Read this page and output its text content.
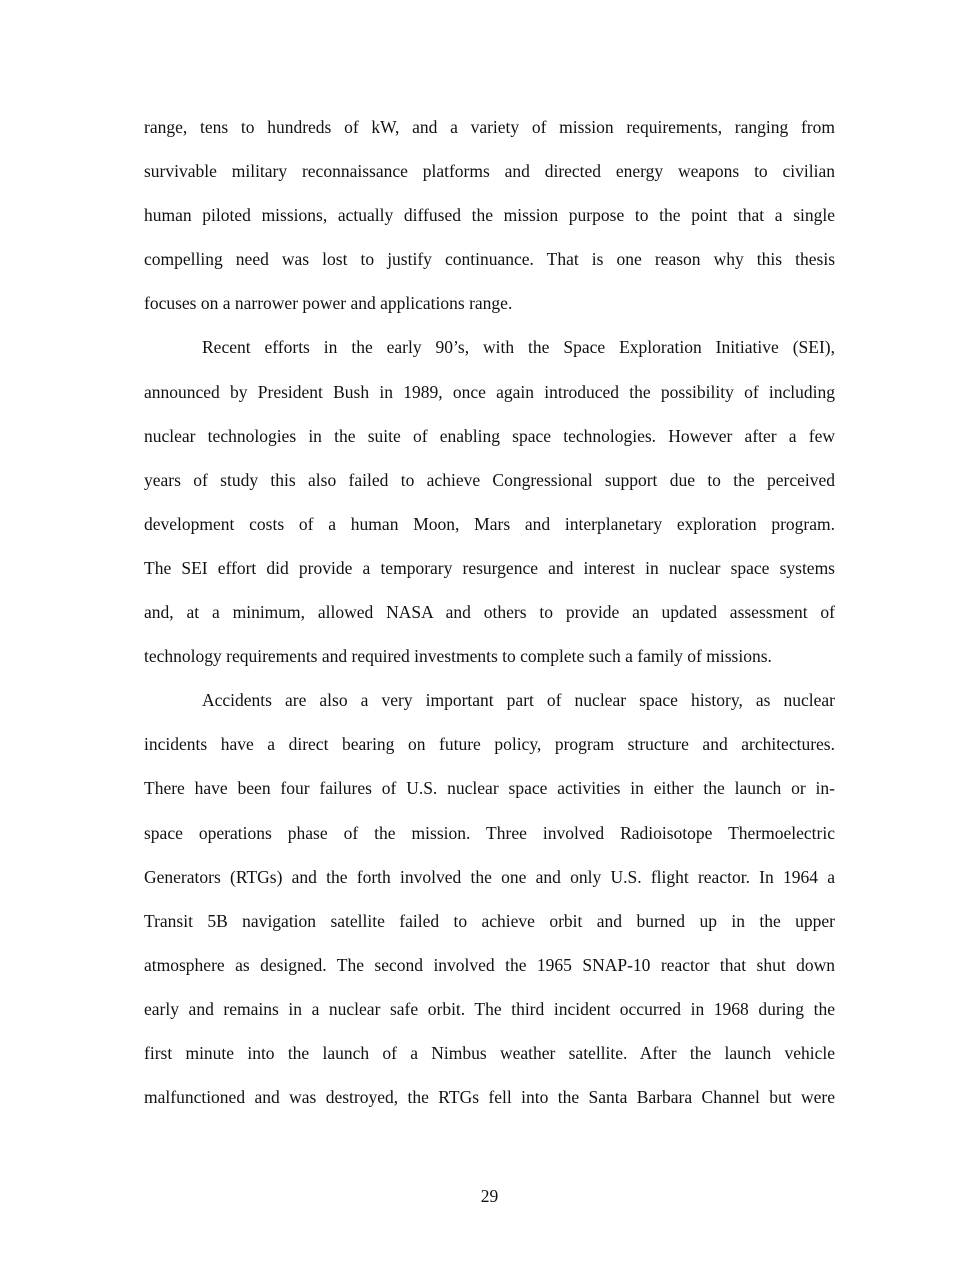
range, tens to hundreds of kW, and a variety of mission requirements, ranging from
survivable military reconnaissance platforms and directed energy weapons to civilian
human piloted missions, actually diffused the mission purpose to the point that a single
compelling need was lost to justify continuance. That is one reason why this thesis
focuses on a narrower power and applications range.
Recent efforts in the early 90’s, with the Space Exploration Initiative (SEI),
announced by President Bush in 1989, once again introduced the possibility of including
nuclear technologies in the suite of enabling space technologies. However after a few
years of study this also failed to achieve Congressional support due to the perceived
development costs of a human Moon, Mars and interplanetary exploration program.
The SEI effort did provide a temporary resurgence and interest in nuclear space systems
and, at a minimum, allowed NASA and others to provide an updated assessment of
technology requirements and required investments to complete such a family of missions.
Accidents are also a very important part of nuclear space history, as nuclear
incidents have a direct bearing on future policy, program structure and architectures.
There have been four failures of U.S. nuclear space activities in either the launch or in-
space operations phase of the mission. Three involved Radioisotope Thermoelectric
Generators (RTGs) and the forth involved the one and only U.S. flight reactor. In 1964 a
Transit 5B navigation satellite failed to achieve orbit and burned up in the upper
atmosphere as designed. The second involved the 1965 SNAP-10 reactor that shut down
early and remains in a nuclear safe orbit. The third incident occurred in 1968 during the
first minute into the launch of a Nimbus weather satellite. After the launch vehicle
malfunctioned and was destroyed, the RTGs fell into the Santa Barbara Channel but were
29
